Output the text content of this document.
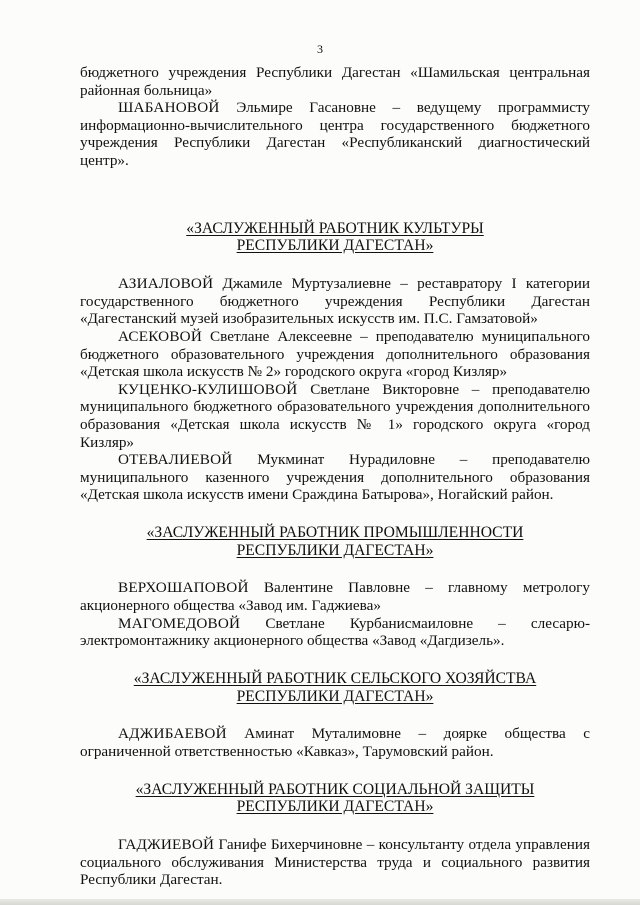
3

бюджетного учреждения Республики Дагестан «Шамильская центральная районная больница»

ШАБАНОВОЙ Эльмире Гасановне – ведущему программисту информационно-вычислительного центра государственного бюджетного учреждения Республики Дагестан «Республиканский диагностический центр».

«ЗАСЛУЖЕННЫЙ РАБОТНИК КУЛЬТУРЫ
РЕСПУБЛИКИ ДАГЕСТАН»

АЗИАЛОВОЙ Джамиле Муртузалиевне – реставратору I категории государственного бюджетного учреждения Республики Дагестан «Дагестанский музей изобразительных искусств им. П.С. Гамзатовой»

АСЕКОВОЙ Светлане Алексеевне – преподавателю муниципального бюджетного образовательного учреждения дополнительного образования «Детская школа искусств № 2» городского округа «город Кизляр»

КУЦЕНКО-КУЛИШОВОЙ Светлане Викторовне – преподавателю муниципального бюджетного образовательного учреждения дополнительного образования «Детская школа искусств № 1» городского округа «город Кизляр»

ОТЕВАЛИЕВОЙ Мукминат Нурадиловне – преподавателю муниципального казенного учреждения дополнительного образования «Детская школа искусств имени Сраждина Батырова», Ногайский район.

«ЗАСЛУЖЕННЫЙ РАБОТНИК ПРОМЫШЛЕННОСТИ
РЕСПУБЛИКИ ДАГЕСТАН»

ВЕРХОШАПОВОЙ Валентине Павловне – главному метрологу акционерного общества «Завод им. Гаджиева»

МАГОМЕДОВОЙ Светлане Курбанисмаиловне – слесарю-электромонтажнику акционерного общества «Завод «Дагдизель».

«ЗАСЛУЖЕННЫЙ РАБОТНИК СЕЛЬСКОГО ХОЗЯЙСТВА
РЕСПУБЛИКИ ДАГЕСТАН»

АДЖИБАЕВОЙ Аминат Муталимовне – доярке общества с ограниченной ответственностью «Кавказ», Тарумовский район.

«ЗАСЛУЖЕННЫЙ РАБОТНИК СОЦИАЛЬНОЙ ЗАЩИТЫ
РЕСПУБЛИКИ ДАГЕСТАН»

ГАДЖИЕВОЙ Ганифе Бихерчиновне – консультанту отдела управления социального обслуживания Министерства труда и социального развития Республики Дагестан.
